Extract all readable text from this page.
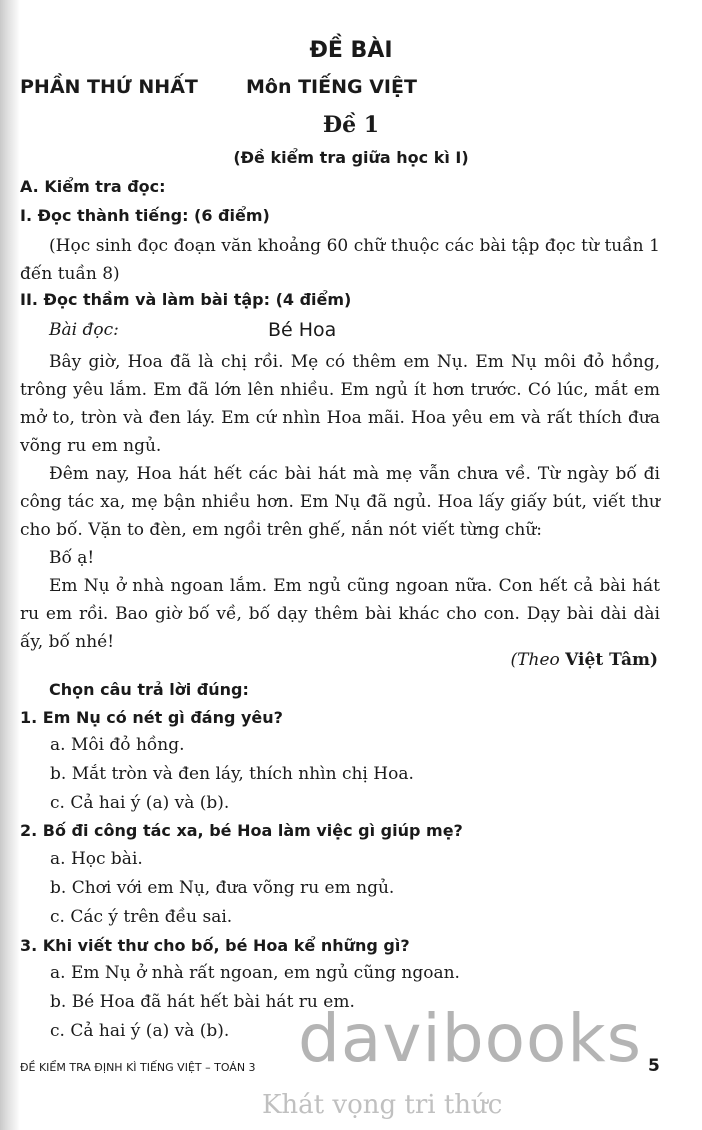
ĐỀ BÀI
PHẦN THỨ NHẤT	Môn TIẾNG VIỆT
Đề 1
(Đề kiểm tra giữa học kì I)
A. Kiểm tra đọc:
I. Đọc thành tiếng: (6 điểm)
(Học sinh đọc đoạn văn khoảng 60 chữ thuộc các bài tập đọc từ tuần 1 đến tuần 8)
II. Đọc thầm và làm bài tập: (4 điểm)
Bài đọc:	Bé Hoa

Bây giờ, Hoa đã là chị rồi. Mẹ có thêm em Nụ. Em Nụ môi đỏ hồng, trông yêu lắm. Em đã lớn lên nhiều. Em ngủ ít hơn trước. Có lúc, mắt em mở to, tròn và đen láy. Em cứ nhìn Hoa mãi. Hoa yêu em và rất thích đưa võng ru em ngủ.

Đêm nay, Hoa hát hết các bài hát mà mẹ vẫn chưa về. Từ ngày bố đi công tác xa, mẹ bận nhiều hơn. Em Nụ đã ngủ. Hoa lấy giấy bút, viết thư cho bố. Vặn to đèn, em ngồi trên ghế, nắn nót viết từng chữ:

Bố ạ!

Em Nụ ở nhà ngoan lắm. Em ngủ cũng ngoan nữa. Con hết cả bài hát ru em rồi. Bao giờ bố về, bố dạy thêm bài khác cho con. Dạy bài dài dài ấy, bố nhé!

(Theo Việt Tâm)
Chọn câu trả lời đúng:
1. Em Nụ có nét gì đáng yêu?
a. Môi đỏ hồng.
b. Mắt tròn và đen láy, thích nhìn chị Hoa.
c. Cả hai ý (a) và (b).
2. Bố đi công tác xa, bé Hoa làm việc gì giúp mẹ?
a. Học bài.
b. Chơi với em Nụ, đưa võng ru em ngủ.
c. Các ý trên đều sai.
3. Khi viết thư cho bố, bé Hoa kể những gì?
a. Em Nụ ở nhà rất ngoan, em ngủ cũng ngoan.
b. Bé Hoa đã hát hết bài hát ru em.
c. Cả hai ý (a) và (b). davibooks
ĐỀ KIỂM TRA ĐỊNH KÌ TIẾNG VIỆT – TOÁN 3	5
Khát vọng tri thức
